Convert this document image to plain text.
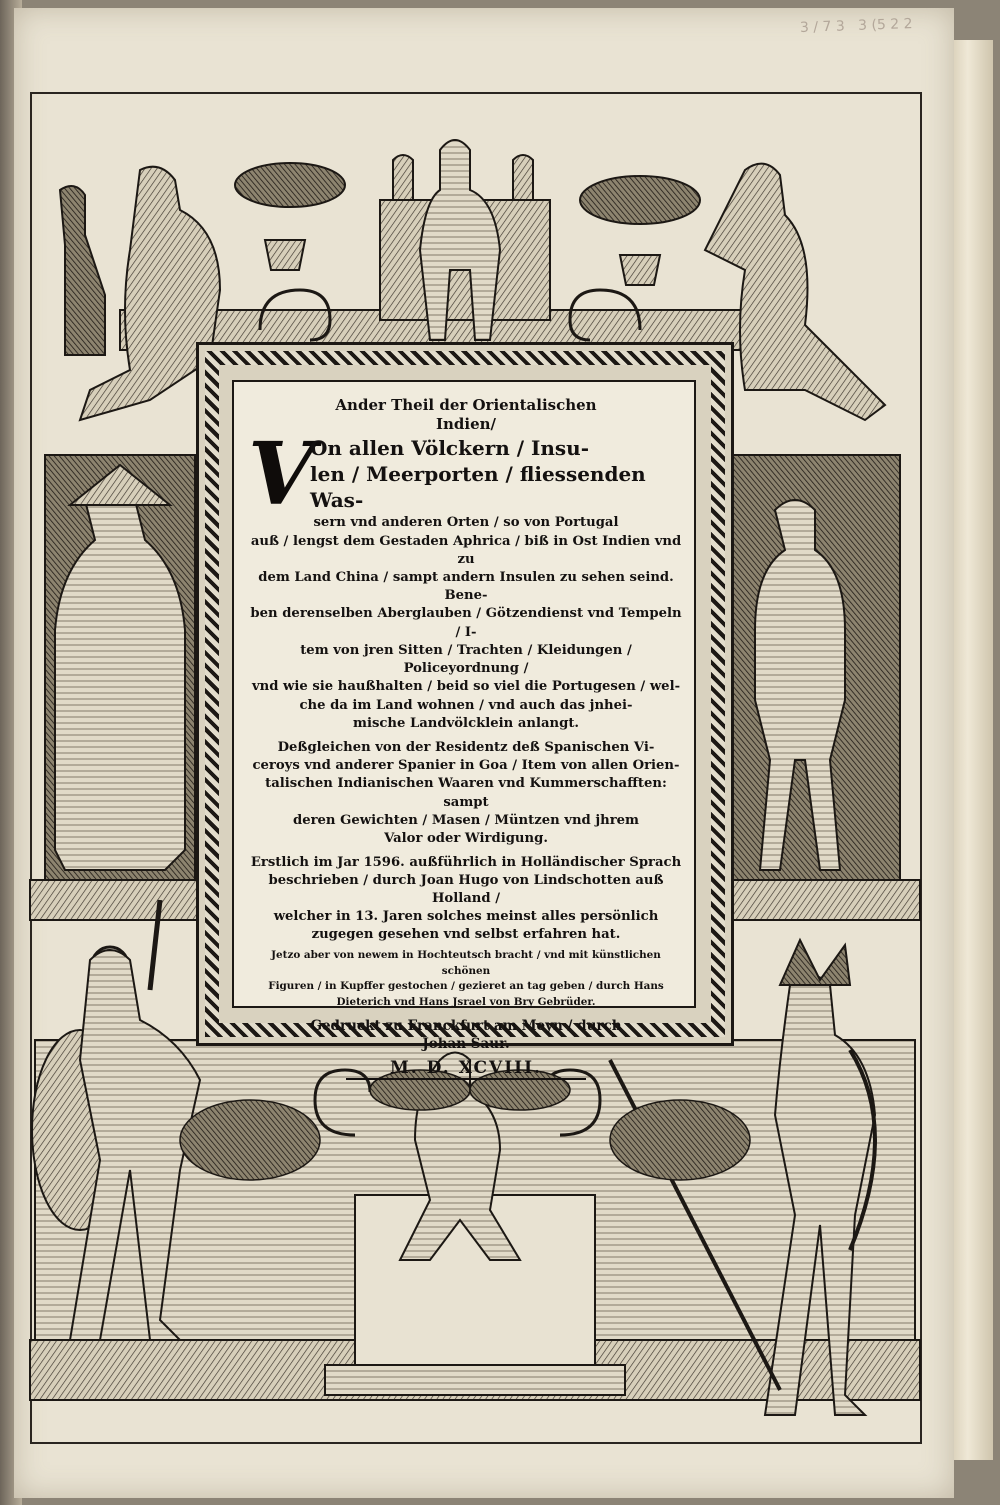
3 / 7 3   3 (5 2 2

Ander Theil der Orientalischen

Indien/

V

On allen Völckern / Insu-

len / Meerporten / fliessenden Was-

sern vnd anderen Orten / so von Portugal

auß / lengst dem Gestaden Aphrica / biß in Ost Indien vnd zu

dem Land China / sampt andern Insulen zu sehen seind. Bene-

ben derenselben Aberglauben / Götzendienst vnd Tempeln / I-

tem von jren Sitten / Trachten / Kleidungen / Policeyordnung /

vnd wie sie haußhalten / beid so viel die Portugesen / wel-

che da im Land wohnen / vnd auch das jnhei-

mische Landvölcklein anlangt.

Deßgleichen von der Residentz deß Spanischen Vi-

ceroys vnd anderer Spanier in Goa / Item von allen Orien-

talischen Indianischen Waaren vnd Kummerschafften: sampt

deren Gewichten / Masen / Müntzen vnd jhrem

Valor oder Wirdigung.

Erstlich im Jar 1596. außführlich in Holländischer Sprach

beschrieben / durch Joan Hugo von Lindschotten auß Holland /

welcher in 13. Jaren solches meinst alles persönlich

zugegen gesehen vnd selbst erfahren hat.

Jetzo aber von newem in Hochteutsch bracht / vnd mit künstlichen schönen

Figuren / in Kupffer gestochen / gezieret an tag geben / durch Hans

Dieterich vnd Hans Jsrael von Bry Gebrüder.

Gedruckt zu Franckfurt am Meyn / durch

Johan Saur.

M. D. XCVIII.
